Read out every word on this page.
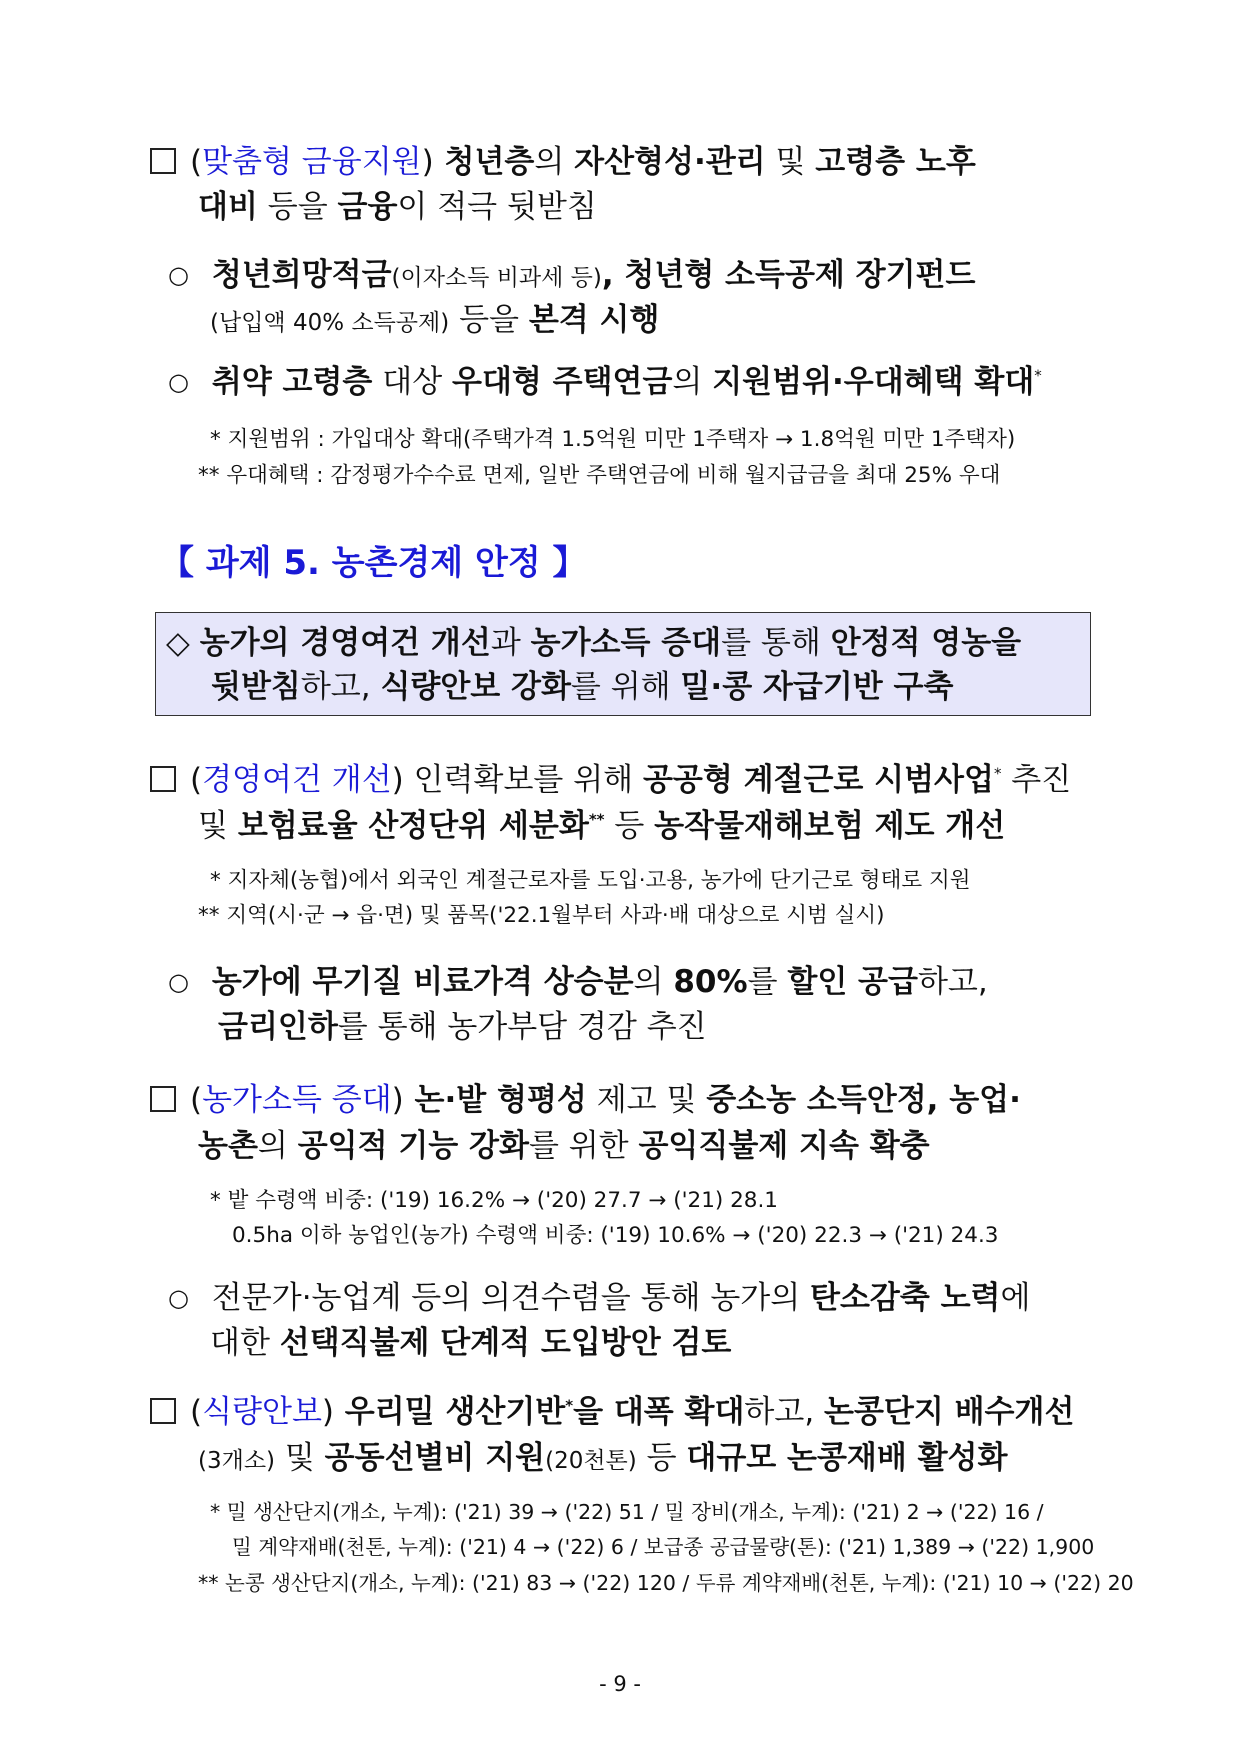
(맞춤형 금융지원) 청년층의 자산형성·관리 및 고령층 노후
대비 등을 금융이 적극 뒷받침
○ 청년희망적금(이자소득 비과세 등), 청년형 소득공제 장기펀드
(납입액 40% 소득공제) 등을 본격 시행
○ 취약 고령층 대상 우대형 주택연금의 지원범위·우대혜택 확대*
* 지원범위 : 가입대상 확대(주택가격 1.5억원 미만 1주택자 → 1.8억원 미만 1주택자)
** 우대혜택 : 감정평가수수료 면제, 일반 주택연금에 비해 월지급금을 최대 25% 우대
【 과제 5. 농촌경제 안정 】
◇ 농가의 경영여건 개선과 농가소득 증대를 통해 안정적 영농을
뒷받침하고, 식량안보 강화를 위해 밀·콩 자급기반 구축
(경영여건 개선) 인력확보를 위해 공공형 계절근로 시범사업* 추진
및 보험료율 산정단위 세분화** 등 농작물재해보험 제도 개선
* 지자체(농협)에서 외국인 계절근로자를 도입·고용, 농가에 단기근로 형태로 지원
** 지역(시·군 → 읍·면) 및 품목('22.1월부터 사과·배 대상으로 시범 실시)
○ 농가에 무기질 비료가격 상승분의 80%를 할인 공급하고,
금리인하를 통해 농가부담 경감 추진
(농가소득 증대) 논·밭 형평성 제고 및 중소농 소득안정, 농업·
농촌의 공익적 기능 강화를 위한 공익직불제 지속 확충
* 밭 수령액 비중: ('19) 16.2% → ('20) 27.7 → ('21) 28.1
0.5ha 이하 농업인(농가) 수령액 비중: ('19) 10.6% → ('20) 22.3 → ('21) 24.3
○ 전문가·농업계 등의 의견수렴을 통해 농가의 탄소감축 노력에
대한 선택직불제 단계적 도입방안 검토
(식량안보) 우리밀 생산기반*을 대폭 확대하고, 논콩단지 배수개선
(3개소) 및 공동선별비 지원(20천톤) 등 대규모 논콩재배 활성화
* 밀 생산단지(개소, 누계): ('21) 39 → ('22) 51 / 밀 장비(개소, 누계): ('21) 2 → ('22) 16 /
밀 계약재배(천톤, 누계): ('21) 4 → ('22) 6 / 보급종 공급물량(톤): ('21) 1,389 → ('22) 1,900
** 논콩 생산단지(개소, 누계): ('21) 83 → ('22) 120 / 두류 계약재배(천톤, 누계): ('21) 10 → ('22) 20
- 9 -
